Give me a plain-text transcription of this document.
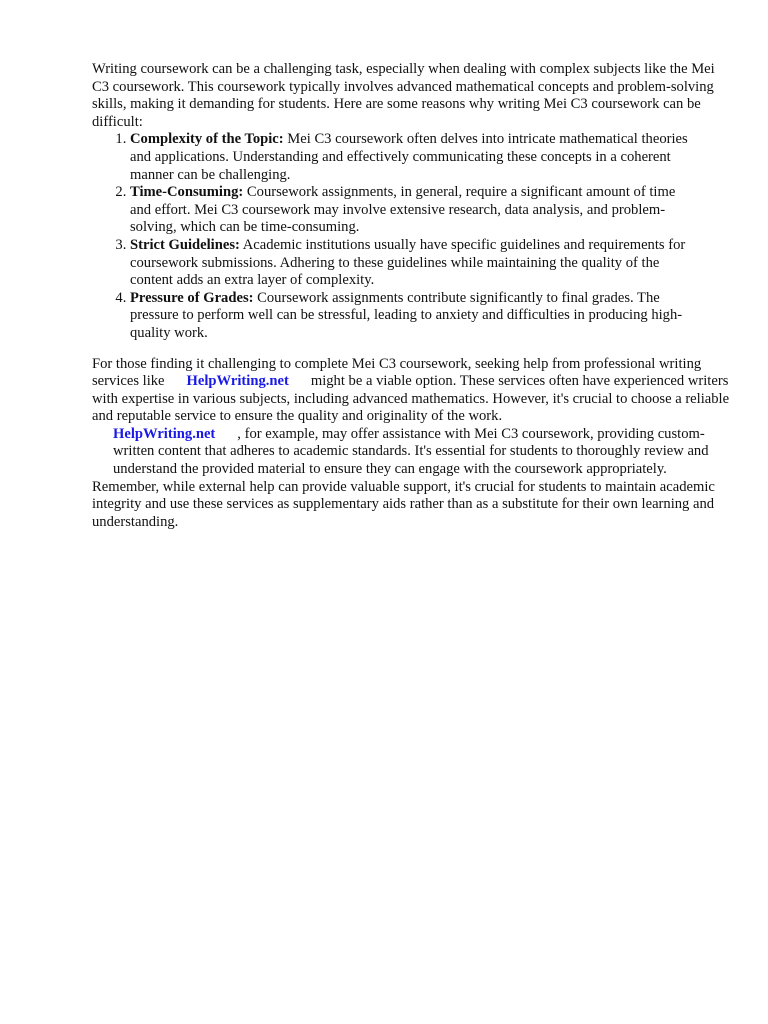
Writing coursework can be a challenging task, especially when dealing with complex subjects like the Mei C3 coursework. This coursework typically involves advanced mathematical concepts and problem-solving skills, making it demanding for students. Here are some reasons why writing Mei C3 coursework can be difficult:

1. Complexity of the Topic: Mei C3 coursework often delves into intricate mathematical theories and applications. Understanding and effectively communicating these concepts in a coherent manner can be challenging.
2. Time-Consuming: Coursework assignments, in general, require a significant amount of time and effort. Mei C3 coursework may involve extensive research, data analysis, and problem-solving, which can be time-consuming.
3. Strict Guidelines: Academic institutions usually have specific guidelines and requirements for coursework submissions. Adhering to these guidelines while maintaining the quality of the content adds an extra layer of complexity.
4. Pressure of Grades: Coursework assignments contribute significantly to final grades. The pressure to perform well can be stressful, leading to anxiety and difficulties in producing high-quality work.

For those finding it challenging to complete Mei C3 coursework, seeking help from professional writing services like HelpWriting.net might be a viable option. These services often have experienced writers with expertise in various subjects, including advanced mathematics. However, it's crucial to choose a reliable and reputable service to ensure the quality and originality of the work.

HelpWriting.net , for example, may offer assistance with Mei C3 coursework, providing custom-written content that adheres to academic standards. It's essential for students to thoroughly review and understand the provided material to ensure they can engage with the coursework appropriately.

Remember, while external help can provide valuable support, it's crucial for students to maintain academic integrity and use these services as supplementary aids rather than as a substitute for their own learning and understanding.
